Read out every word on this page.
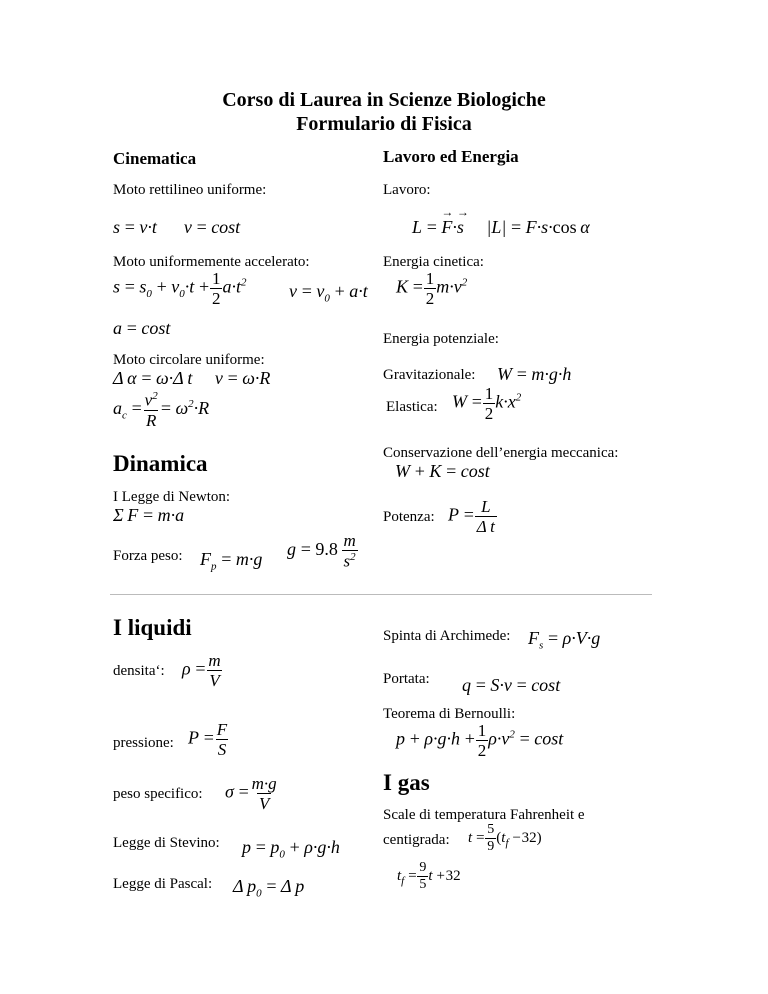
Corso di Laurea in Scienze Biologiche
Formulario di Fisica
Cinematica
Moto rettilineo uniforme:
s = v·t      v = cost
Moto uniformemente accelerato:
$s = s_0 + v_0\cdot t + \frac{1}{2} a\cdot t^2$ $v = v_0 + a\cdot t$
a = cost
Moto circolare uniforme:
Δ α = ω·Δ t     v = ω·R
$a_c = \frac{v^2}{R} = \omega^2\cdot R$
Dinamica
I Legge di Newton:
Σ F = m·a
Forza peso: $F_p = m\cdot g$
$g = 9.8 \frac{m}{s^2}$
Lavoro ed Energia
Lavoro:
L = → F·→ s     |L| = F·s·cos α
Energia cinetica:
$K = \frac{1}{2} m\cdot v^2$
Energia potenziale:
Gravitazionale: W = m·g·h
Elastica: $W = \frac{1}{2} k\cdot x^2$
Conservazione dell’energia meccanica:
W + K = cost
Potenza: $P = \frac{L}{\text{Δ t}}$
I liquidi
densita‘: $\rho = \frac{m}{V}$
pressione: $P = \frac{F}{S}$
peso specifico: $\sigma = \frac{m\cdot g}{V}$
Legge di Stevino: $p = p_0 + \rho\cdot g\cdot h$
Legge di Pascal: Δ $p_0 = \Delta$ p
Spinta di Archimede: $F_s = \rho\cdot V\cdot g$
Portata: q = S·v = cost
Teorema di Bernoulli:
$p + \rho\cdot g\cdot h + \frac{1}{2} \rho\cdot v^2 = \cos t$
I gas
Scale di temperatura Fahrenheit e
centigrada: $t = \frac{5}{9} (t_f -32)$
$t_f = \frac{9}{5}$ t +32
